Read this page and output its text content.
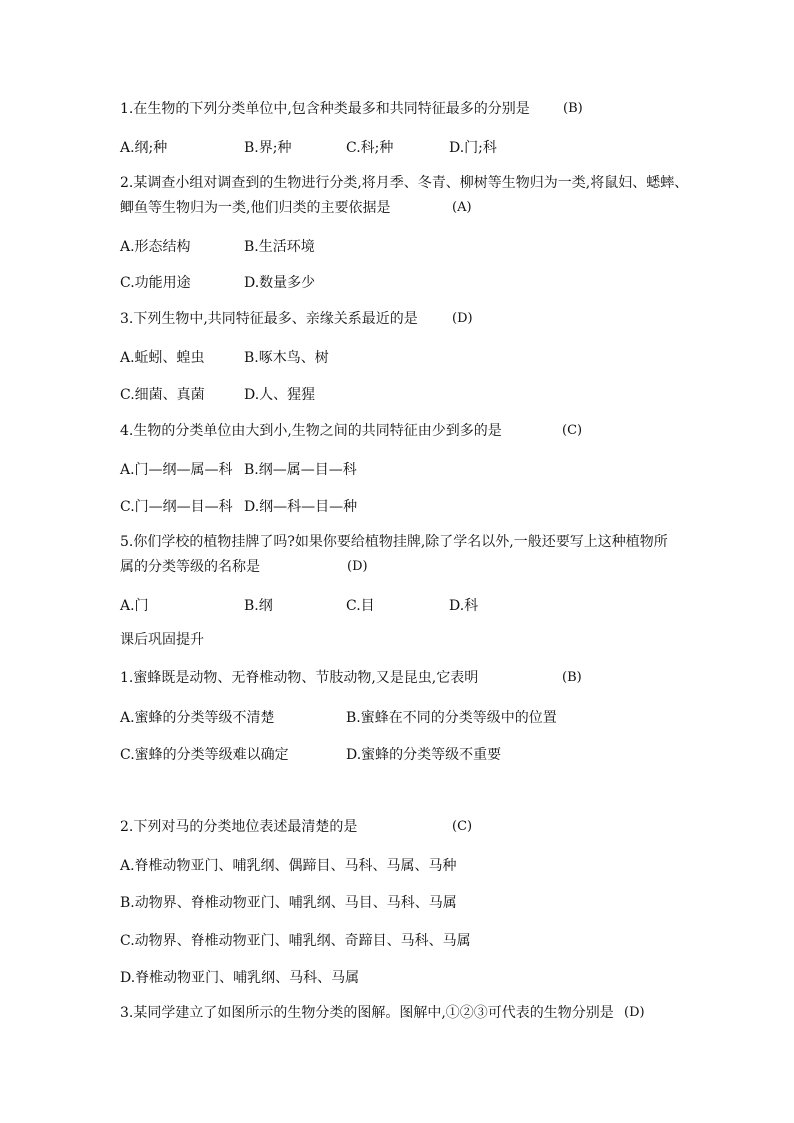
1.在生物的下列分类单位中,包含种类最多和共同特征最多的分别是	(B)
A.纲;种	B.界;种	C.科;种	D.门;科
2.某调查小组对调查到的生物进行分类,将月季、冬青、柳树等生物归为一类,将鼠妇、蟋蟀、
鲫鱼等生物归为一类,他们归类的主要依据是	(A)
A.形态结构	B.生活环境
C.功能用途	D.数量多少
3.下列生物中,共同特征最多、亲缘关系最近的是	(D)
A.蚯蚓、蝗虫	B.啄木鸟、树
C.细菌、真菌	D.人、猩猩
4.生物的分类单位由大到小,生物之间的共同特征由少到多的是	(C)
A.门—纲—属—科 B.纲—属—目—科
C.门—纲—目—科 D.纲—科—目—种
5.你们学校的植物挂牌了吗?如果你要给植物挂牌,除了学名以外,一般还要写上这种植物所
属的分类等级的名称是	(D)
A.门	B.纲	C.目	D.科
课后巩固提升
1.蜜蜂既是动物、无脊椎动物、节肢动物,又是昆虫,它表明	(B)
A.蜜蜂的分类等级不清楚	B.蜜蜂在不同的分类等级中的位置
C.蜜蜂的分类等级难以确定	D.蜜蜂的分类等级不重要
2.下列对马的分类地位表述最清楚的是	(C)
A.脊椎动物亚门、哺乳纲、偶蹄目、马科、马属、马种
B.动物界、脊椎动物亚门、哺乳纲、马目、马科、马属
C.动物界、脊椎动物亚门、哺乳纲、奇蹄目、马科、马属
D.脊椎动物亚门、哺乳纲、马科、马属
3.某同学建立了如图所示的生物分类的图解。图解中,①②③可代表的生物分别是 (D)
